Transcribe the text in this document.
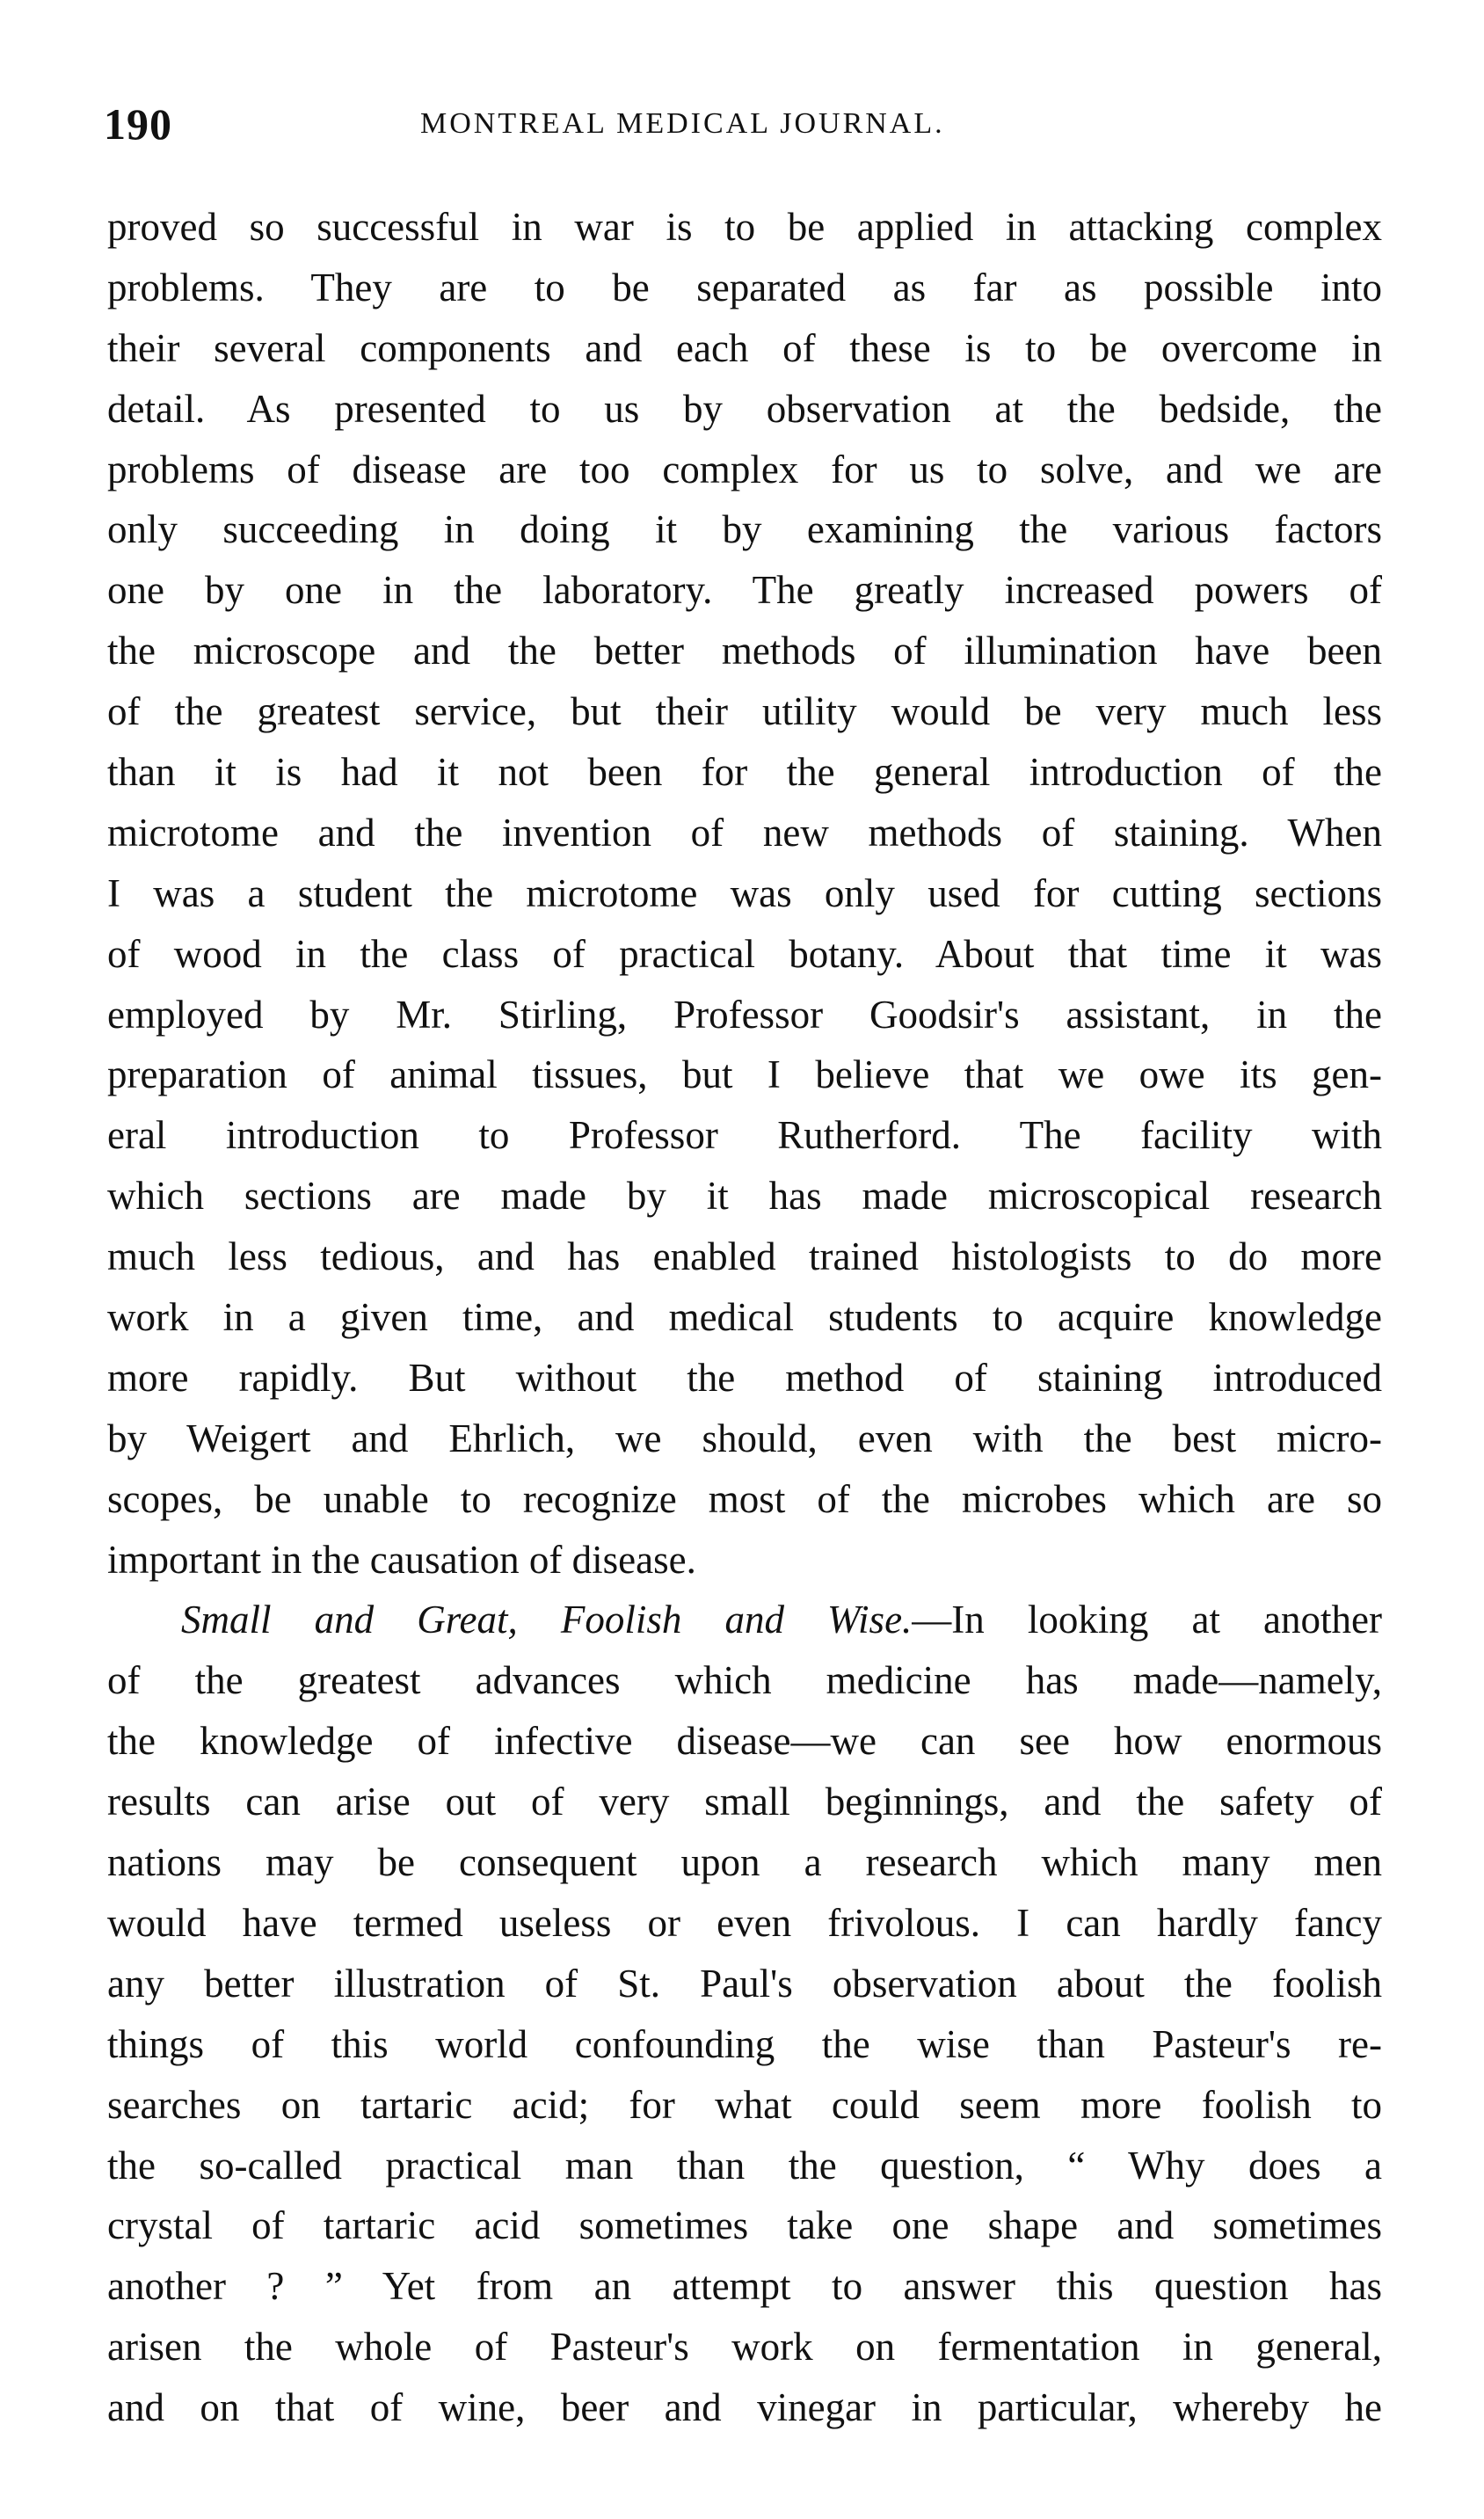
190	MONTREAL MEDICAL JOURNAL.
proved so successful in war is to be applied in attacking complex
problems. They are to be separated as far as possible into
their several components and each of these is to be overcome in
detail. As presented to us by observation at the bedside, the
problems of disease are too complex for us to solve, and we are
only succeeding in doing it by examining the various factors
one by one in the laboratory. The greatly increased powers of
the microscope and the better methods of illumination have been
of the greatest service, but their utility would be very much less
than it is had it not been for the general introduction of the
microtome and the invention of new methods of staining. When
I was a student the microtome was only used for cutting sections
of wood in the class of practical botany. About that time it was
employed by Mr. Stirling, Professor Goodsir's assistant, in the
preparation of animal tissues, but I believe that we owe its gen-
eral introduction to Professor Rutherford. The facility with
which sections are made by it has made microscopical research
much less tedious, and has enabled trained histologists to do more
work in a given time, and medical students to acquire knowledge
more rapidly. But without the method of staining introduced
by Weigert and Ehrlich, we should, even with the best micro-
scopes, be unable to recognize most of the microbes which are so
important in the causation of disease.
Small and Great, Foolish and Wise.—In looking at another
of the greatest advances which medicine has made—namely,
the knowledge of infective disease—we can see how enormous
results can arise out of very small beginnings, and the safety of
nations may be consequent upon a research which many men
would have termed useless or even frivolous. I can hardly fancy
any better illustration of St. Paul's observation about the foolish
things of this world confounding the wise than Pasteur's re-
searches on tartaric acid; for what could seem more foolish to
the so-called practical man than the question, “ Why does a
crystal of tartaric acid sometimes take one shape and sometimes
another ? ” Yet from an attempt to answer this question has
arisen the whole of Pasteur's work on fermentation in general,
and on that of wine, beer and vinegar in particular, whereby he
